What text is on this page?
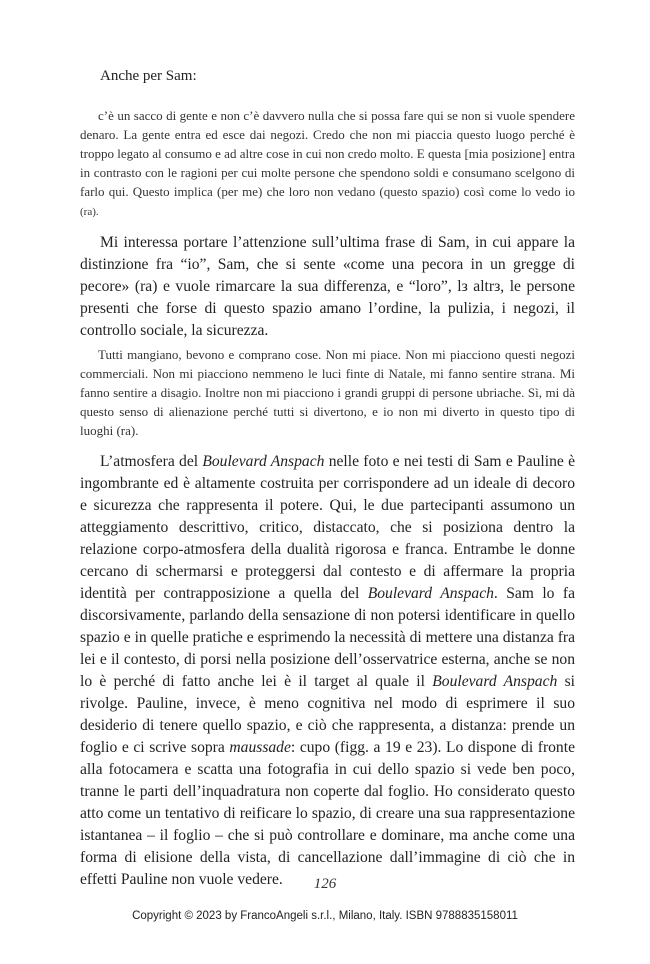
Anche per Sam:

c’è un sacco di gente e non c’è davvero nulla che si possa fare qui se non si vuole spendere denaro. La gente entra ed esce dai negozi. Credo che non mi piaccia questo luogo perché è troppo legato al consumo e ad altre cose in cui non credo molto. E questa [mia posizione] entra in contrasto con le ragioni per cui molte persone che spendono soldi e consumano scelgono di farlo qui. Questo implica (per me) che loro non vedano (questo spazio) così come lo vedo io (ra).

Mi interessa portare l’attenzione sull’ultima frase di Sam, in cui appare la distinzione fra “io”, Sam, che si sente «come una pecora in un gregge di pecore» (ra) e vuole rimarcare la sua differenza, e “loro”, lз altrз, le persone presenti che forse di questo spazio amano l’ordine, la pulizia, i negozi, il controllo sociale, la sicurezza.

Tutti mangiano, bevono e comprano cose. Non mi piace. Non mi piacciono questi negozi commerciali. Non mi piacciono nemmeno le luci finte di Natale, mi fanno sentire strana. Mi fanno sentire a disagio. Inoltre non mi piacciono i grandi gruppi di persone ubriache. Sì, mi dà questo senso di alienazione perché tutti si divertono, e io non mi diverto in questo tipo di luoghi (ra).

L’atmosfera del Boulevard Anspach nelle foto e nei testi di Sam e Pauline è ingombrante ed è altamente costruita per corrispondere ad un ideale di decoro e sicurezza che rappresenta il potere. Qui, le due partecipanti assumono un atteggiamento descrittivo, critico, distaccato, che si posiziona dentro la relazione corpo-atmosfera della dualità rigorosa e franca. Entrambe le donne cercano di schermarsi e proteggersi dal contesto e di affermare la propria identità per contrapposizione a quella del Boulevard Anspach. Sam lo fa discorsivamente, parlando della sensazione di non potersi identificare in quello spazio e in quelle pratiche e esprimendo la necessità di mettere una distanza fra lei e il contesto, di porsi nella posizione dell’osservatrice esterna, anche se non lo è perché di fatto anche lei è il target al quale il Boulevard Anspach si rivolge. Pauline, invece, è meno cognitiva nel modo di esprimere il suo desiderio di tenere quello spazio, e ciò che rappresenta, a distanza: prende un foglio e ci scrive sopra maussade: cupo (figg. a 19 e 23). Lo dispone di fronte alla fotocamera e scatta una fotografia in cui dello spazio si vede ben poco, tranne le parti dell’inquadratura non coperte dal foglio. Ho considerato questo atto come un tentativo di reificare lo spazio, di creare una sua rappresentazione istantanea – il foglio – che si può controllare e dominare, ma anche come una forma di elisione della vista, di cancellazione dall’immagine di ciò che in effetti Pauline non vuole vedere.	126
Copyright © 2023 by FrancoAngeli s.r.l., Milano, Italy. ISBN 9788835158011
